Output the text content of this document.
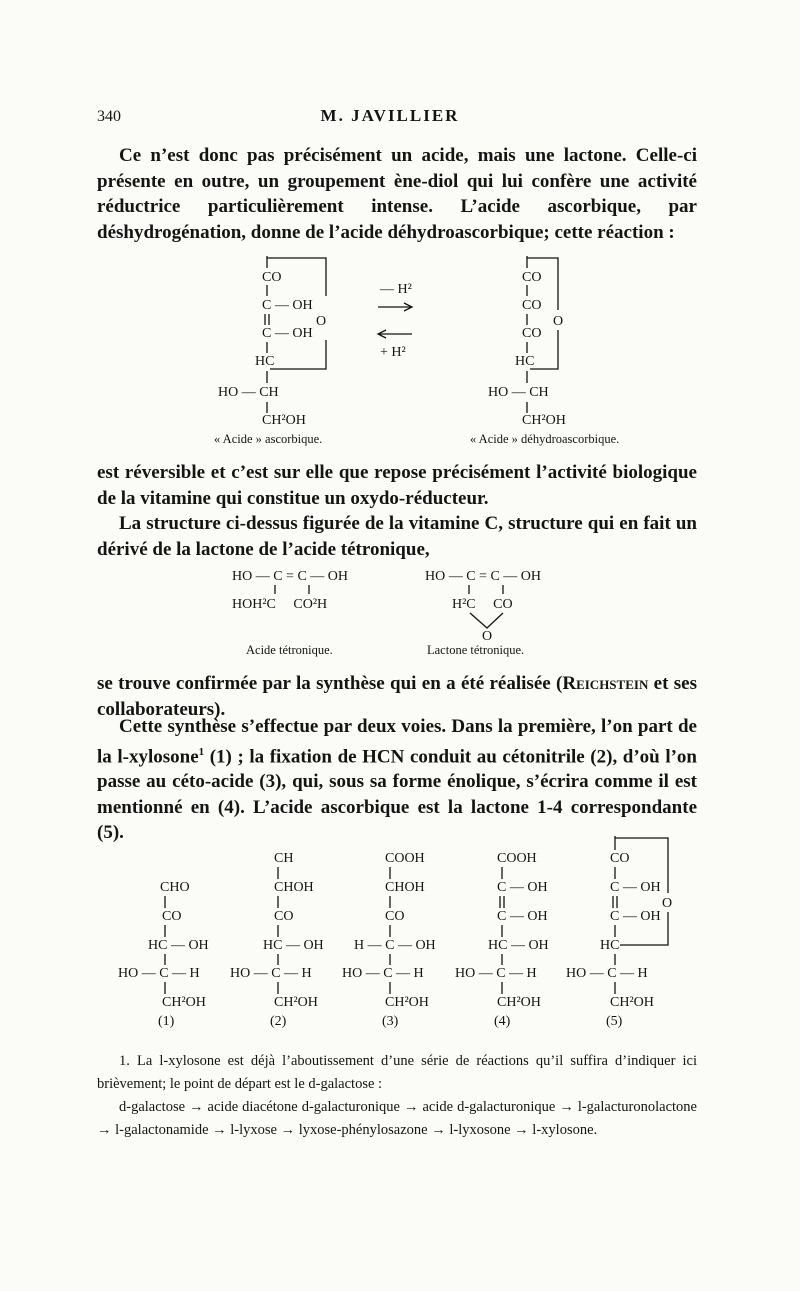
340	M. JAVILLIER
Ce n’est donc pas précisément un acide, mais une lactone. Celle-ci présente en outre, un groupement ène-diol qui lui confère une activité réductrice particulièrement intense. L’acide ascorbique, par déshydrogénation, donne de l’acide déhydroascorbique; cette réaction :
CO
C — OH
O
C — OH
HC
HO — CH
CH²OH
— H²
+ H²
CO
CO
O
CO
HC
HO — CH
CH²OH
« Acide » ascorbique.	« Acide » déhydroascorbique.
est réversible et c’est sur elle que repose précisément l’activité biologique de la vitamine qui constitue un oxydo-réducteur.
La structure ci-dessus figurée de la vitamine C, structure qui en fait un dérivé de la lactone de l’acide tétronique,
HO — C = C — OH
HOH²C     CO²H
HO — C = C — OH
H²C     CO
O
Acide tétronique.	Lactone tétronique.
se trouve confirmée par la synthèse qui en a été réalisée (Reichstein et ses collaborateurs).
Cette synthèse s’effectue par deux voies. Dans la première, l’on part de la l-xylosone$^1$ (1) ; la fixation de HCN conduit au cétonitrile (2), d’où l’on passe au céto-acide (3), qui, sous sa forme énolique, s’écrira comme il est mentionné en (4). L’acide ascorbique est la lactone 1-4 correspondante (5).
CHO
CO
HC — OH
HO — C — H
CH²OH
(1)
CH
CHOH
CO
HC — OH
HO — C — H
CH²OH
(2)
COOH
CHOH
CO
H — C — OH
HO — C — H
CH²OH
(3)
COOH
C — OH
C — OH
HC — OH
HO — C — H
CH²OH
(4)
CO
C — OH
C — OH
O
HC
HO — C — H
CH²OH
(5)
1. La l-xylosone est déjà l’aboutissement d’une série de réactions qu’il suffira d’indiquer ici brièvement; le point de départ est le d-galactose :
d-galactose → acide diacétone d-galacturonique → acide d-galacturonique → l-galacturonolactone → l-galactonamide → l-lyxose → lyxose-phénylosazone → l-lyxosone → l-xylosone.
